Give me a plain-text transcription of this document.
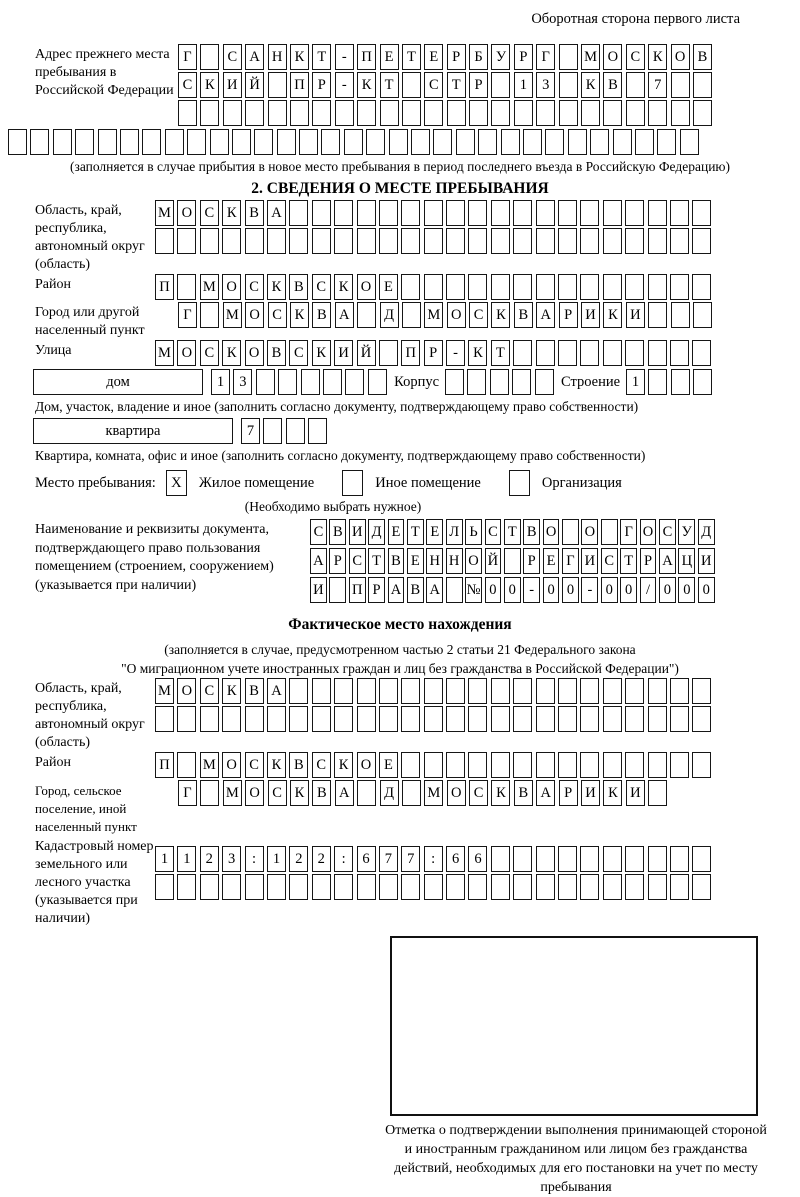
Оборотная сторона первого листа
Адрес прежнего места пребывания в Российской Федерации
Г С А Н К Т - П Е Т Е Р Б У Р Г М О С К О В
С К И Й П Р - К Т С Т Р	1 3	К В	7
(заполняется в случае прибытия в новое место пребывания в период последнего въезда в Российскую Федерацию)
2. СВЕДЕНИЯ О МЕСТЕ ПРЕБЫВАНИЯ
Область, край, республика, автономный округ (область)
М О С К В А
Район	П М О С К В С К О Е
Город или другой населенный пункт
Г М О С К В А Д М О С К В А Р И К И
Улица	М О С К О В С К И Й П Р - К Т
дом	1 3	Корпус	Строение 1
Дом, участок, владение и иное (заполнить согласно документу, подтверждающему право собственности)
квартира	7
Квартира, комната, офис и иное (заполнить согласно документу, подтверждающему право собственности)
Место пребывания:	X	Жилое помещение	Иное помещение	Организация
(Необходимо выбрать нужное)
Наименование и реквизиты документа, подтверждающего право пользования помещением (строением, сооружением) (указывается при наличии)
С В И Д Е Т Е Л Ь С Т В О О Г О С У Д
А Р С Т В Е Н Н О Й Р Е Г И С Т Р А Ц И
И П Р А В А № 0 0 - 0 0 - 0 0 / 0 0 0
Фактическое место нахождения
(заполняется в случае, предусмотренном частью 2 статьи 21 Федерального закона
"О миграционном учете иностранных граждан и лиц без гражданства в Российской Федерации")
Область, край, республика, автономный округ (область)
М О С К В А
Район	П М О С К В С К О Е
Город, сельское поселение, иной населенный пункт
Г М О С К В А Д М О С К В А Р И К И
Кадастровый номер земельного или лесного участка (указывается при наличии)
1 1 2 3 : 1 2 2 : 6 7 7 : 6 6
Отметка о подтверждении выполнения принимающей стороной и иностранным гражданином или лицом без гражданства действий, необходимых для его постановки на учет по месту пребывания
